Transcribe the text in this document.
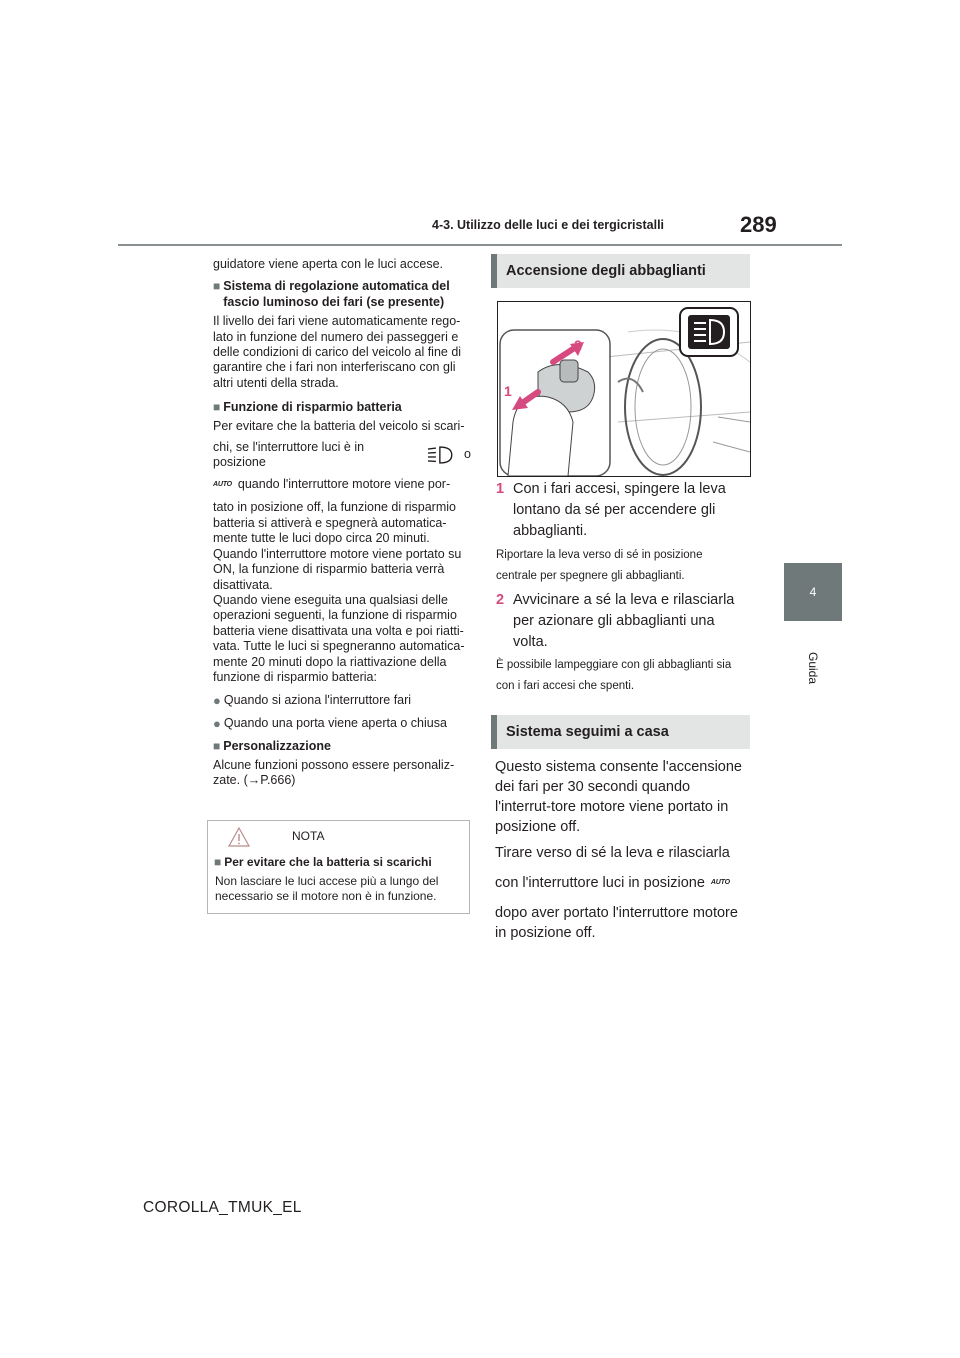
4-3. Utilizzo delle luci e dei tergicristalli	289
4
Guida

guidatore viene aperta con le luci accese.

■ Sistema di regolazione automatica del fascio luminoso dei fari (se presente)

Il livello dei fari viene automaticamente rego-lato in funzione del numero dei passeggeri e delle condizioni di carico del veicolo al fine di garantire che i fari non interferiscano con gli altri utenti della strada.

■ Funzione di risparmio batteria

Per evitare che la batteria del veicolo si scari-

chi, se l'interruttore luci è in posizione
o
AUTO quando l'interruttore motore viene por-

tato in posizione off, la funzione di risparmio batteria si attiverà e spegnerà automatica-mente tutte le luci dopo circa 20 minuti.

Quando l'interruttore motore viene portato su ON, la funzione di risparmio batteria verrà disattivata.

Quando viene eseguita una qualsiasi delle operazioni seguenti, la funzione di risparmio batteria viene disattivata una volta e poi riatti-vata. Tutte le luci si spegneranno automatica-mente 20 minuti dopo la riattivazione della funzione di risparmio batteria:

● Quando si aziona l'interruttore fari
● Quando una porta viene aperta o chiusa
■ Personalizzazione

Alcune funzioni possono essere personaliz-zate. (→P.666)

NOTA
■ Per evitare che la batteria si scarichi
Non lasciare le luci accese più a lungo del necessario se il motore non è in funzione.
Accensione degli abbaglianti
1
2
1 Con i fari accesi, spingere la leva lontano da sé per accendere gli abbaglianti.
Riportare la leva verso di sé in posizione centrale per spegnere gli abbaglianti.
2 Avvicinare a sé la leva e rilasciarla per azionare gli abbaglianti una volta.
È possibile lampeggiare con gli abbaglianti sia con i fari accesi che spenti.
Sistema seguimi a casa
Questo sistema consente l'accensione dei fari per 30 secondi quando l'interrut-tore motore viene portato in posizione off.
Tirare verso di sé la leva e rilasciarla
con l'interruttore luci in posizione AUTO
dopo aver portato l'interruttore motore in posizione off.
COROLLA_TMUK_EL
